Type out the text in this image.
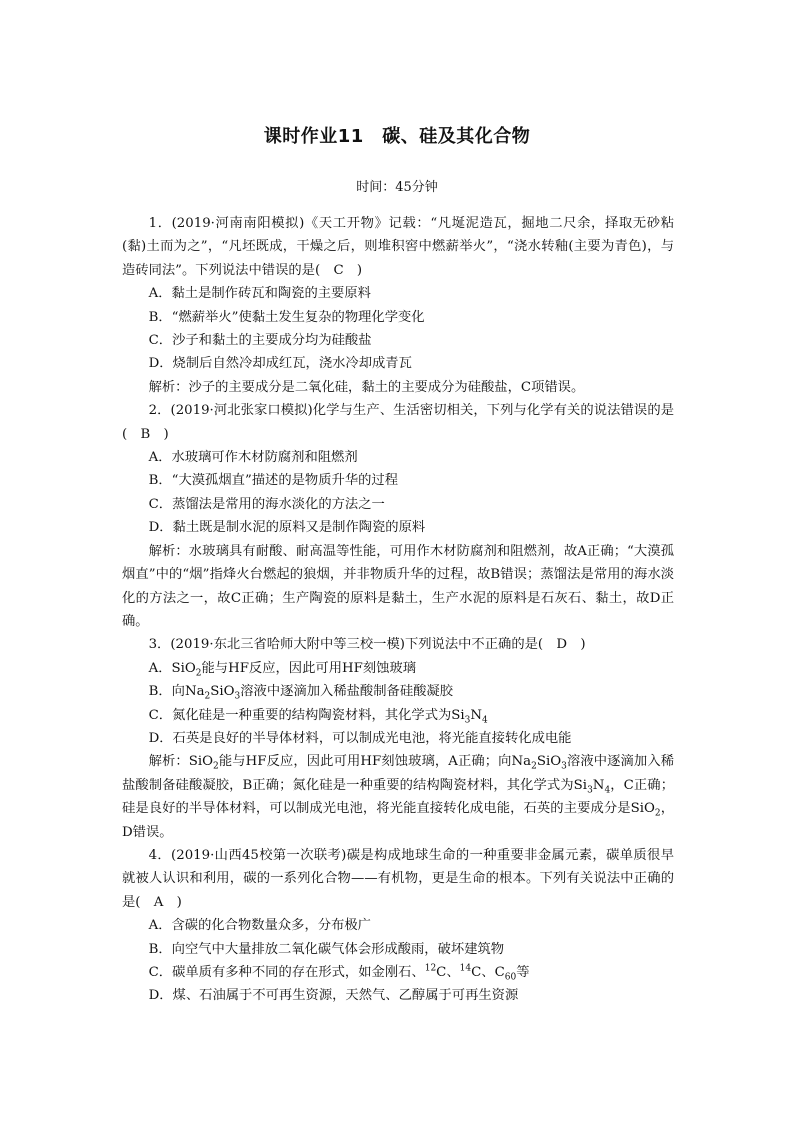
课时作业11　碳、硅及其化合物
时间：45分钟

1．(2019·河南南阳模拟)《天工开物》记载：“凡埏泥造瓦，掘地二尺余，择取无砂粘(黏)土而为之”，“凡坯既成，干燥之后，则堆积窖中燃薪举火”，“浇水转釉(主要为青色)，与造砖同法”。下列说法中错误的是(　C　)

A．黏土是制作砖瓦和陶瓷的主要原料

B．“燃薪举火”使黏土发生复杂的物理化学变化

C．沙子和黏土的主要成分均为硅酸盐

D．烧制后自然冷却成红瓦，浇水冷却成青瓦

解析：沙子的主要成分是二氧化硅，黏土的主要成分为硅酸盐，C项错误。

2．(2019·河北张家口模拟)化学与生产、生活密切相关，下列与化学有关的说法错误的是(　B　)

A．水玻璃可作木材防腐剂和阻燃剂

B．“大漠孤烟直”描述的是物质升华的过程

C．蒸馏法是常用的海水淡化的方法之一

D．黏土既是制水泥的原料又是制作陶瓷的原料

解析：水玻璃具有耐酸、耐高温等性能，可用作木材防腐剂和阻燃剂，故A正确；“大漠孤烟直”中的“烟”指烽火台燃起的狼烟，并非物质升华的过程，故B错误；蒸馏法是常用的海水淡化的方法之一，故C正确；生产陶瓷的原料是黏土，生产水泥的原料是石灰石、黏土，故D正确。

3．(2019·东北三省哈师大附中等三校一模)下列说法中不正确的是(　D　)

A．SiO$_2$能与HF反应，因此可用HF刻蚀玻璃

B．向$Na_2SiO_3$溶液中逐滴加入稀盐酸制备硅酸凝胶

C．氮化硅是一种重要的结构陶瓷材料，其化学式为$Si_3N_4$

D．石英是良好的半导体材料，可以制成光电池，将光能直接转化成电能

解析：SiO$_2$能与HF反应，因此可用HF刻蚀玻璃，A正确；向$Na_2SiO_3$溶液中逐滴加入稀盐酸制备硅酸凝胶，B正确；氮化硅是一种重要的结构陶瓷材料，其化学式为$Si_3N_4$，C正确；硅是良好的半导体材料，可以制成光电池，将光能直接转化成电能，石英的主要成分是SiO$_2$，D错误。

4．(2019·山西45校第一次联考)碳是构成地球生命的一种重要非金属元素，碳单质很早就被人认识和利用，碳的一系列化合物——有机物，更是生命的根本。下列有关说法中正确的是(　A　)

A．含碳的化合物数量众多，分布极广

B．向空气中大量排放二氧化碳气体会形成酸雨，破坏建筑物

C．碳单质有多种不同的存在形式，如金刚石、$^{12}$C、$^{14}$C、$C_{60}$等

D．煤、石油属于不可再生资源，天然气、乙醇属于可再生资源
